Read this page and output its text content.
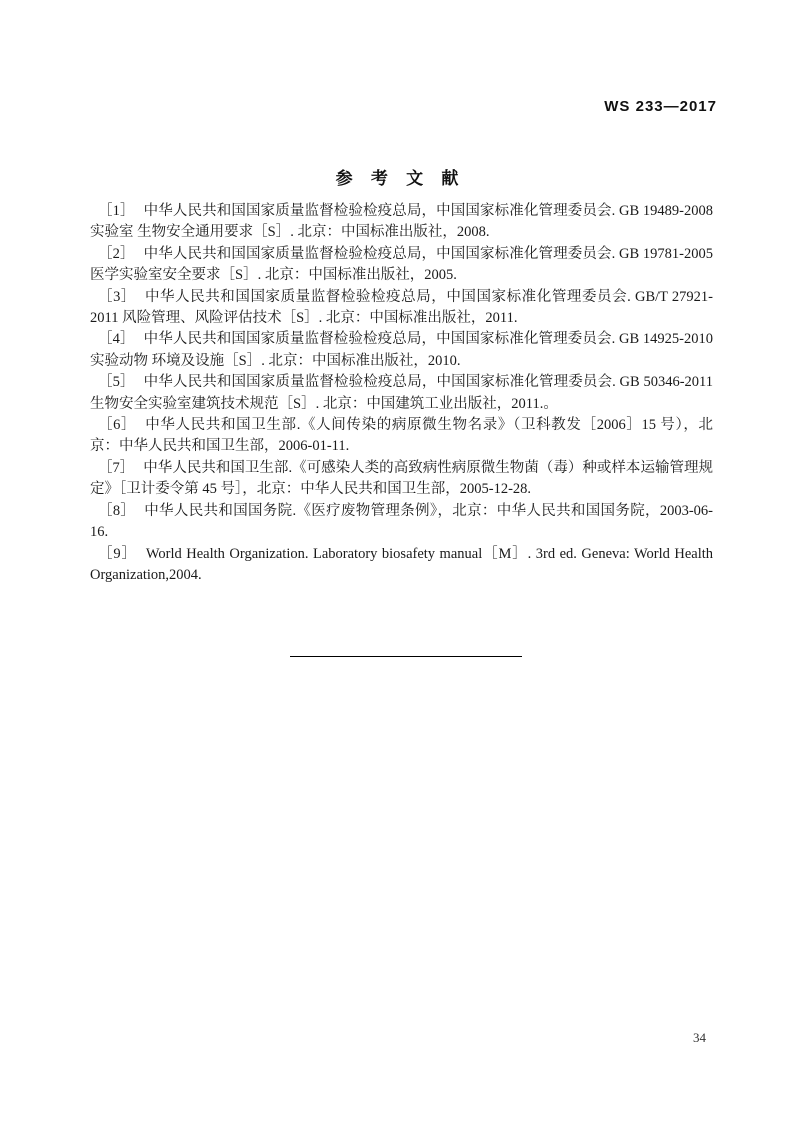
WS 233—2017
参 考 文 献

［1］ 中华人民共和国国家质量监督检验检疫总局，中国国家标准化管理委员会. GB 19489-2008 实验室 生物安全通用要求［S］. 北京：中国标准出版社，2008.

［2］ 中华人民共和国国家质量监督检验检疫总局，中国国家标准化管理委员会. GB 19781-2005 医学实验室安全要求［S］. 北京：中国标准出版社，2005.

［3］ 中华人民共和国国家质量监督检验检疫总局，中国国家标准化管理委员会. GB/T 27921-2011 风险管理、风险评估技术［S］. 北京：中国标准出版社，2011.

［4］ 中华人民共和国国家质量监督检验检疫总局，中国国家标准化管理委员会. GB 14925-2010 实验动物 环境及设施［S］. 北京：中国标准出版社，2010.

［5］ 中华人民共和国国家质量监督检验检疫总局，中国国家标准化管理委员会. GB 50346-2011 生物安全实验室建筑技术规范［S］. 北京：中国建筑工业出版社，2011.。

［6］ 中华人民共和国卫生部.《人间传染的病原微生物名录》（卫科教发［2006］15 号），北京：中华人民共和国卫生部，2006-01-11.

［7］ 中华人民共和国卫生部.《可感染人类的高致病性病原微生物菌（毒）种或样本运输管理规定》［卫计委令第 45 号］，北京：中华人民共和国卫生部，2005-12-28.

［8］ 中华人民共和国国务院.《医疗废物管理条例》，北京：中华人民共和国国务院，2003-06-16.

［9］ World Health Organization. Laboratory biosafety manual［M］. 3rd ed. Geneva: World Health Organization,2004.

34
